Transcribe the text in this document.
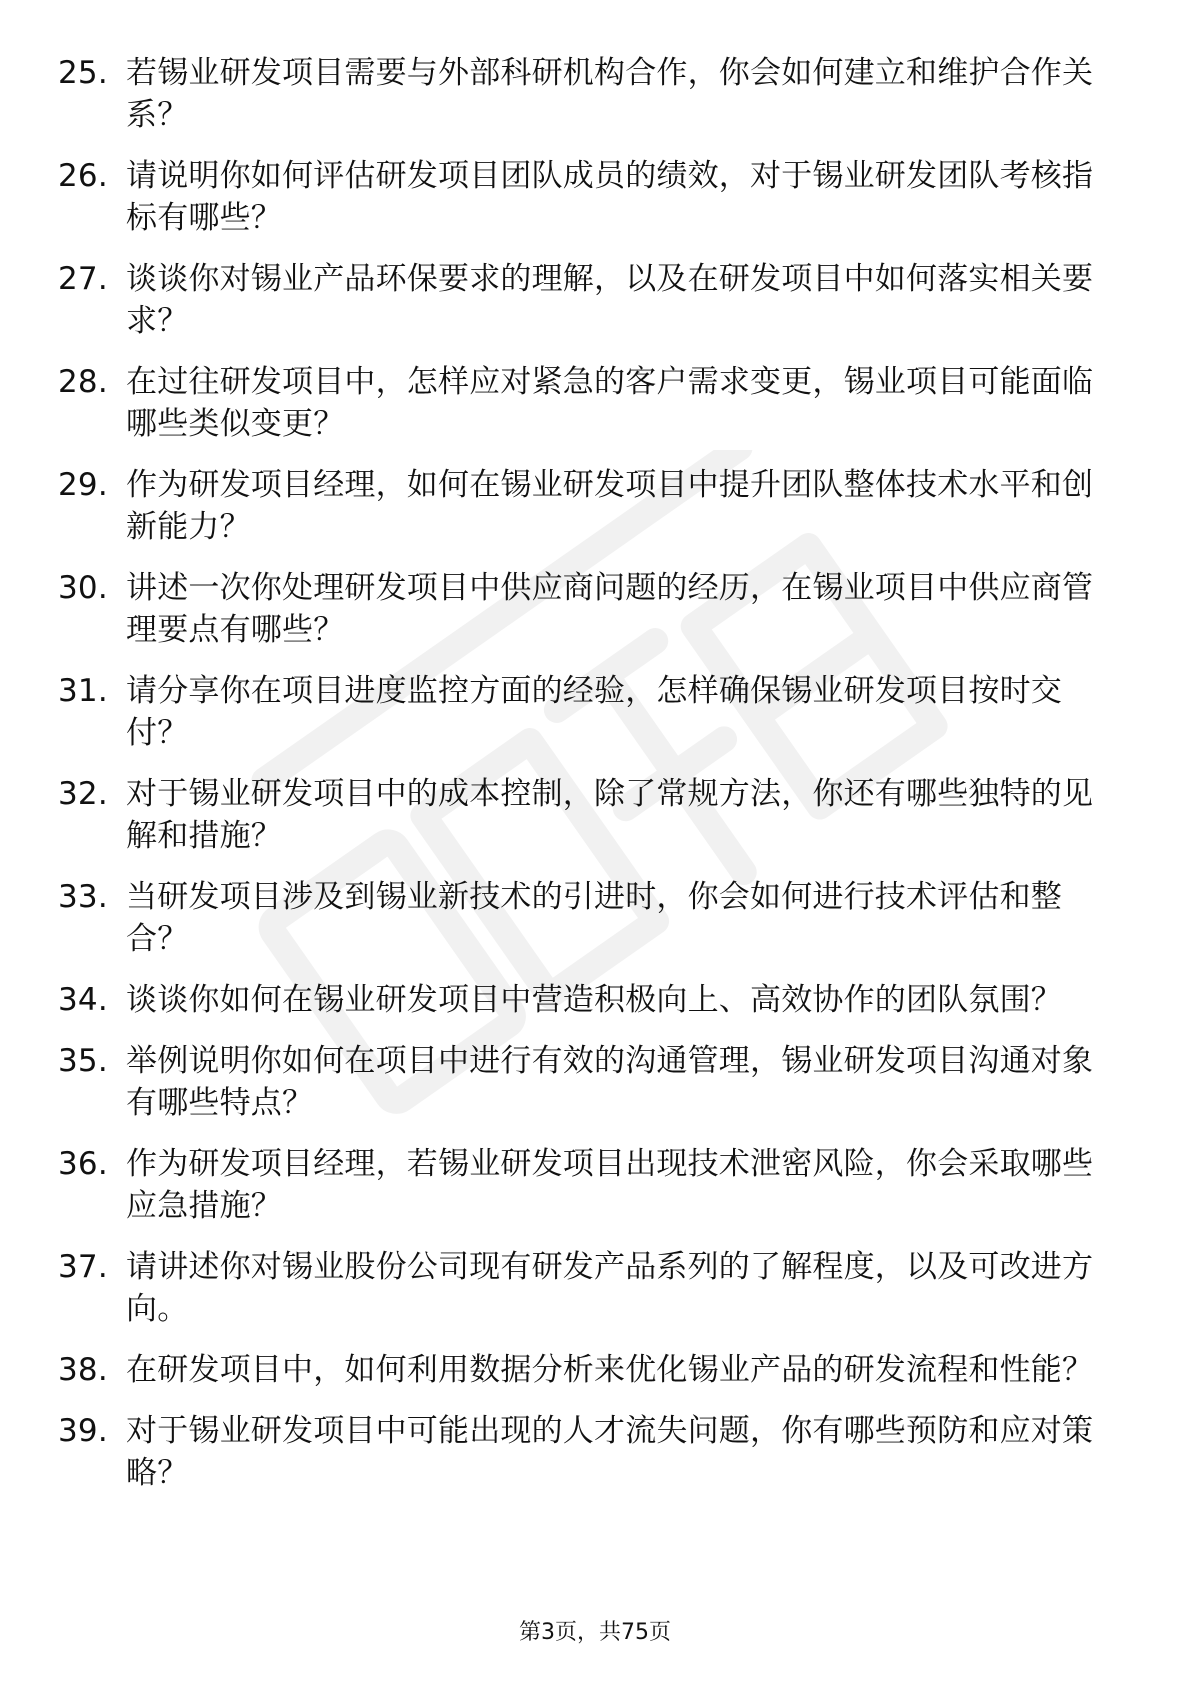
25. 若锡业研发项目需要与外部科研机构合作，你会如何建立和维护合作关系？
26. 请说明你如何评估研发项目团队成员的绩效，对于锡业研发团队考核指标有哪些？
27. 谈谈你对锡业产品环保要求的理解，以及在研发项目中如何落实相关要求？
28. 在过往研发项目中，怎样应对紧急的客户需求变更，锡业项目可能面临哪些类似变更？
29. 作为研发项目经理，如何在锡业研发项目中提升团队整体技术水平和创新能力？
30. 讲述一次你处理研发项目中供应商问题的经历，在锡业项目中供应商管理要点有哪些？
31. 请分享你在项目进度监控方面的经验，怎样确保锡业研发项目按时交付？
32. 对于锡业研发项目中的成本控制，除了常规方法，你还有哪些独特的见解和措施？
33. 当研发项目涉及到锡业新技术的引进时，你会如何进行技术评估和整合？
34. 谈谈你如何在锡业研发项目中营造积极向上、高效协作的团队氛围？
35. 举例说明你如何在项目中进行有效的沟通管理，锡业研发项目沟通对象有哪些特点？
36. 作为研发项目经理，若锡业研发项目出现技术泄密风险，你会采取哪些应急措施？
37. 请讲述你对锡业股份公司现有研发产品系列的了解程度，以及可改进方向。
38. 在研发项目中，如何利用数据分析来优化锡业产品的研发流程和性能？
39. 对于锡业研发项目中可能出现的人才流失问题，你有哪些预防和应对策略？
第3页，共75页
